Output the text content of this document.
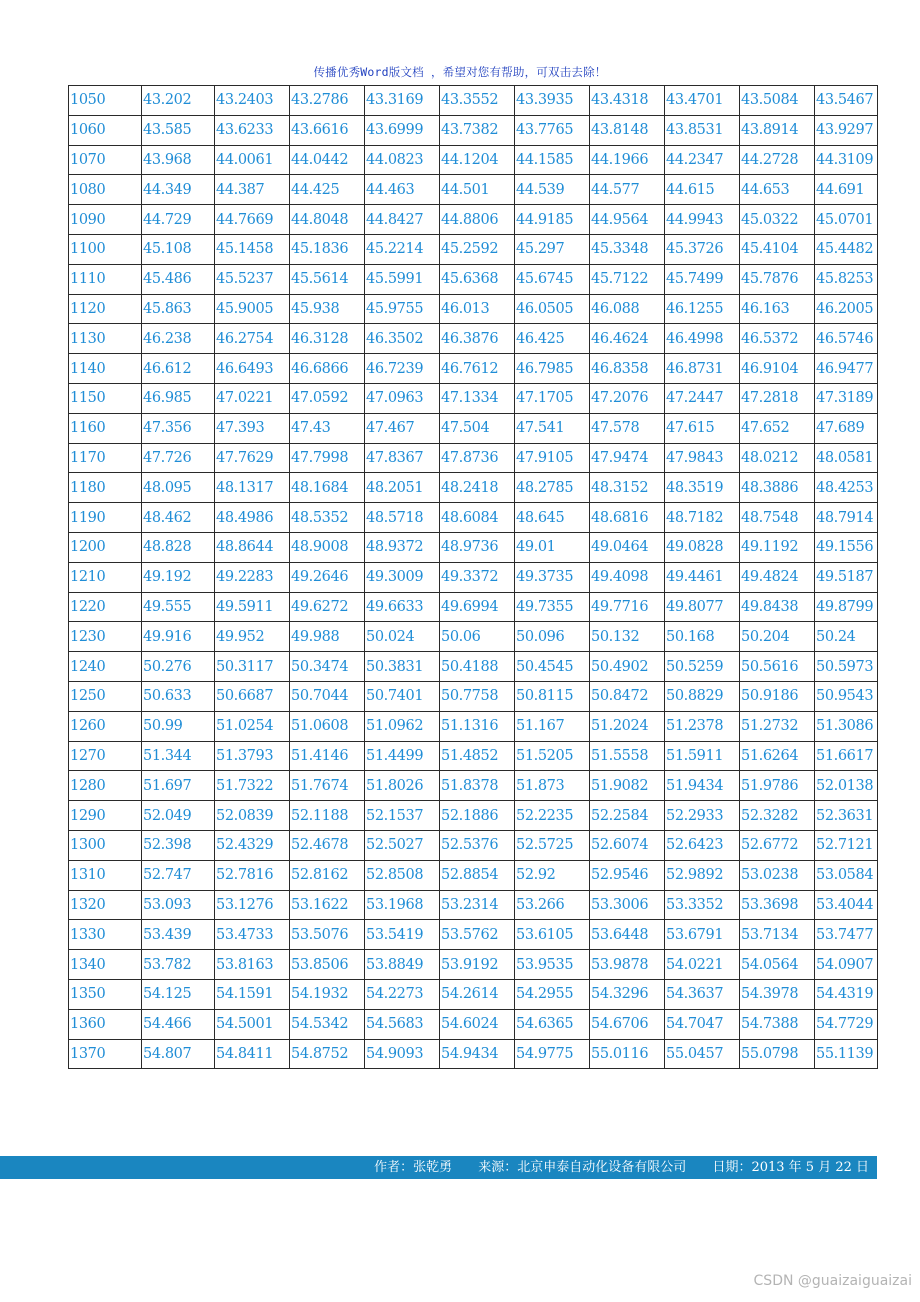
传播优秀Word版文档 ，希望对您有帮助，可双击去除！
1050	43.202	43.2403	43.2786	43.3169	43.3552	43.3935	43.4318	43.4701	43.5084	43.5467
1060	43.585	43.6233	43.6616	43.6999	43.7382	43.7765	43.8148	43.8531	43.8914	43.9297
1070	43.968	44.0061	44.0442	44.0823	44.1204	44.1585	44.1966	44.2347	44.2728	44.3109
1080	44.349	44.387	44.425	44.463	44.501	44.539	44.577	44.615	44.653	44.691
1090	44.729	44.7669	44.8048	44.8427	44.8806	44.9185	44.9564	44.9943	45.0322	45.0701
1100	45.108	45.1458	45.1836	45.2214	45.2592	45.297	45.3348	45.3726	45.4104	45.4482
1110	45.486	45.5237	45.5614	45.5991	45.6368	45.6745	45.7122	45.7499	45.7876	45.8253
1120	45.863	45.9005	45.938	45.9755	46.013	46.0505	46.088	46.1255	46.163	46.2005
1130	46.238	46.2754	46.3128	46.3502	46.3876	46.425	46.4624	46.4998	46.5372	46.5746
1140	46.612	46.6493	46.6866	46.7239	46.7612	46.7985	46.8358	46.8731	46.9104	46.9477
1150	46.985	47.0221	47.0592	47.0963	47.1334	47.1705	47.2076	47.2447	47.2818	47.3189
1160	47.356	47.393	47.43	47.467	47.504	47.541	47.578	47.615	47.652	47.689
1170	47.726	47.7629	47.7998	47.8367	47.8736	47.9105	47.9474	47.9843	48.0212	48.0581
1180	48.095	48.1317	48.1684	48.2051	48.2418	48.2785	48.3152	48.3519	48.3886	48.4253
1190	48.462	48.4986	48.5352	48.5718	48.6084	48.645	48.6816	48.7182	48.7548	48.7914
1200	48.828	48.8644	48.9008	48.9372	48.9736	49.01	49.0464	49.0828	49.1192	49.1556
1210	49.192	49.2283	49.2646	49.3009	49.3372	49.3735	49.4098	49.4461	49.4824	49.5187
1220	49.555	49.5911	49.6272	49.6633	49.6994	49.7355	49.7716	49.8077	49.8438	49.8799
1230	49.916	49.952	49.988	50.024	50.06	50.096	50.132	50.168	50.204	50.24
1240	50.276	50.3117	50.3474	50.3831	50.4188	50.4545	50.4902	50.5259	50.5616	50.5973
1250	50.633	50.6687	50.7044	50.7401	50.7758	50.8115	50.8472	50.8829	50.9186	50.9543
1260	50.99	51.0254	51.0608	51.0962	51.1316	51.167	51.2024	51.2378	51.2732	51.3086
1270	51.344	51.3793	51.4146	51.4499	51.4852	51.5205	51.5558	51.5911	51.6264	51.6617
1280	51.697	51.7322	51.7674	51.8026	51.8378	51.873	51.9082	51.9434	51.9786	52.0138
1290	52.049	52.0839	52.1188	52.1537	52.1886	52.2235	52.2584	52.2933	52.3282	52.3631
1300	52.398	52.4329	52.4678	52.5027	52.5376	52.5725	52.6074	52.6423	52.6772	52.7121
1310	52.747	52.7816	52.8162	52.8508	52.8854	52.92	52.9546	52.9892	53.0238	53.0584
1320	53.093	53.1276	53.1622	53.1968	53.2314	53.266	53.3006	53.3352	53.3698	53.4044
1330	53.439	53.4733	53.5076	53.5419	53.5762	53.6105	53.6448	53.6791	53.7134	53.7477
1340	53.782	53.8163	53.8506	53.8849	53.9192	53.9535	53.9878	54.0221	54.0564	54.0907
1350	54.125	54.1591	54.1932	54.2273	54.2614	54.2955	54.3296	54.3637	54.3978	54.4319
1360	54.466	54.5001	54.5342	54.5683	54.6024	54.6365	54.6706	54.7047	54.7388	54.7729
1370	54.807	54.8411	54.8752	54.9093	54.9434	54.9775	55.0116	55.0457	55.0798	55.1139
作者：张乾勇 来源：北京申泰自动化设备有限公司 日期：2013 年 5 月 22 日
CSDN @guaizaiguaizai
